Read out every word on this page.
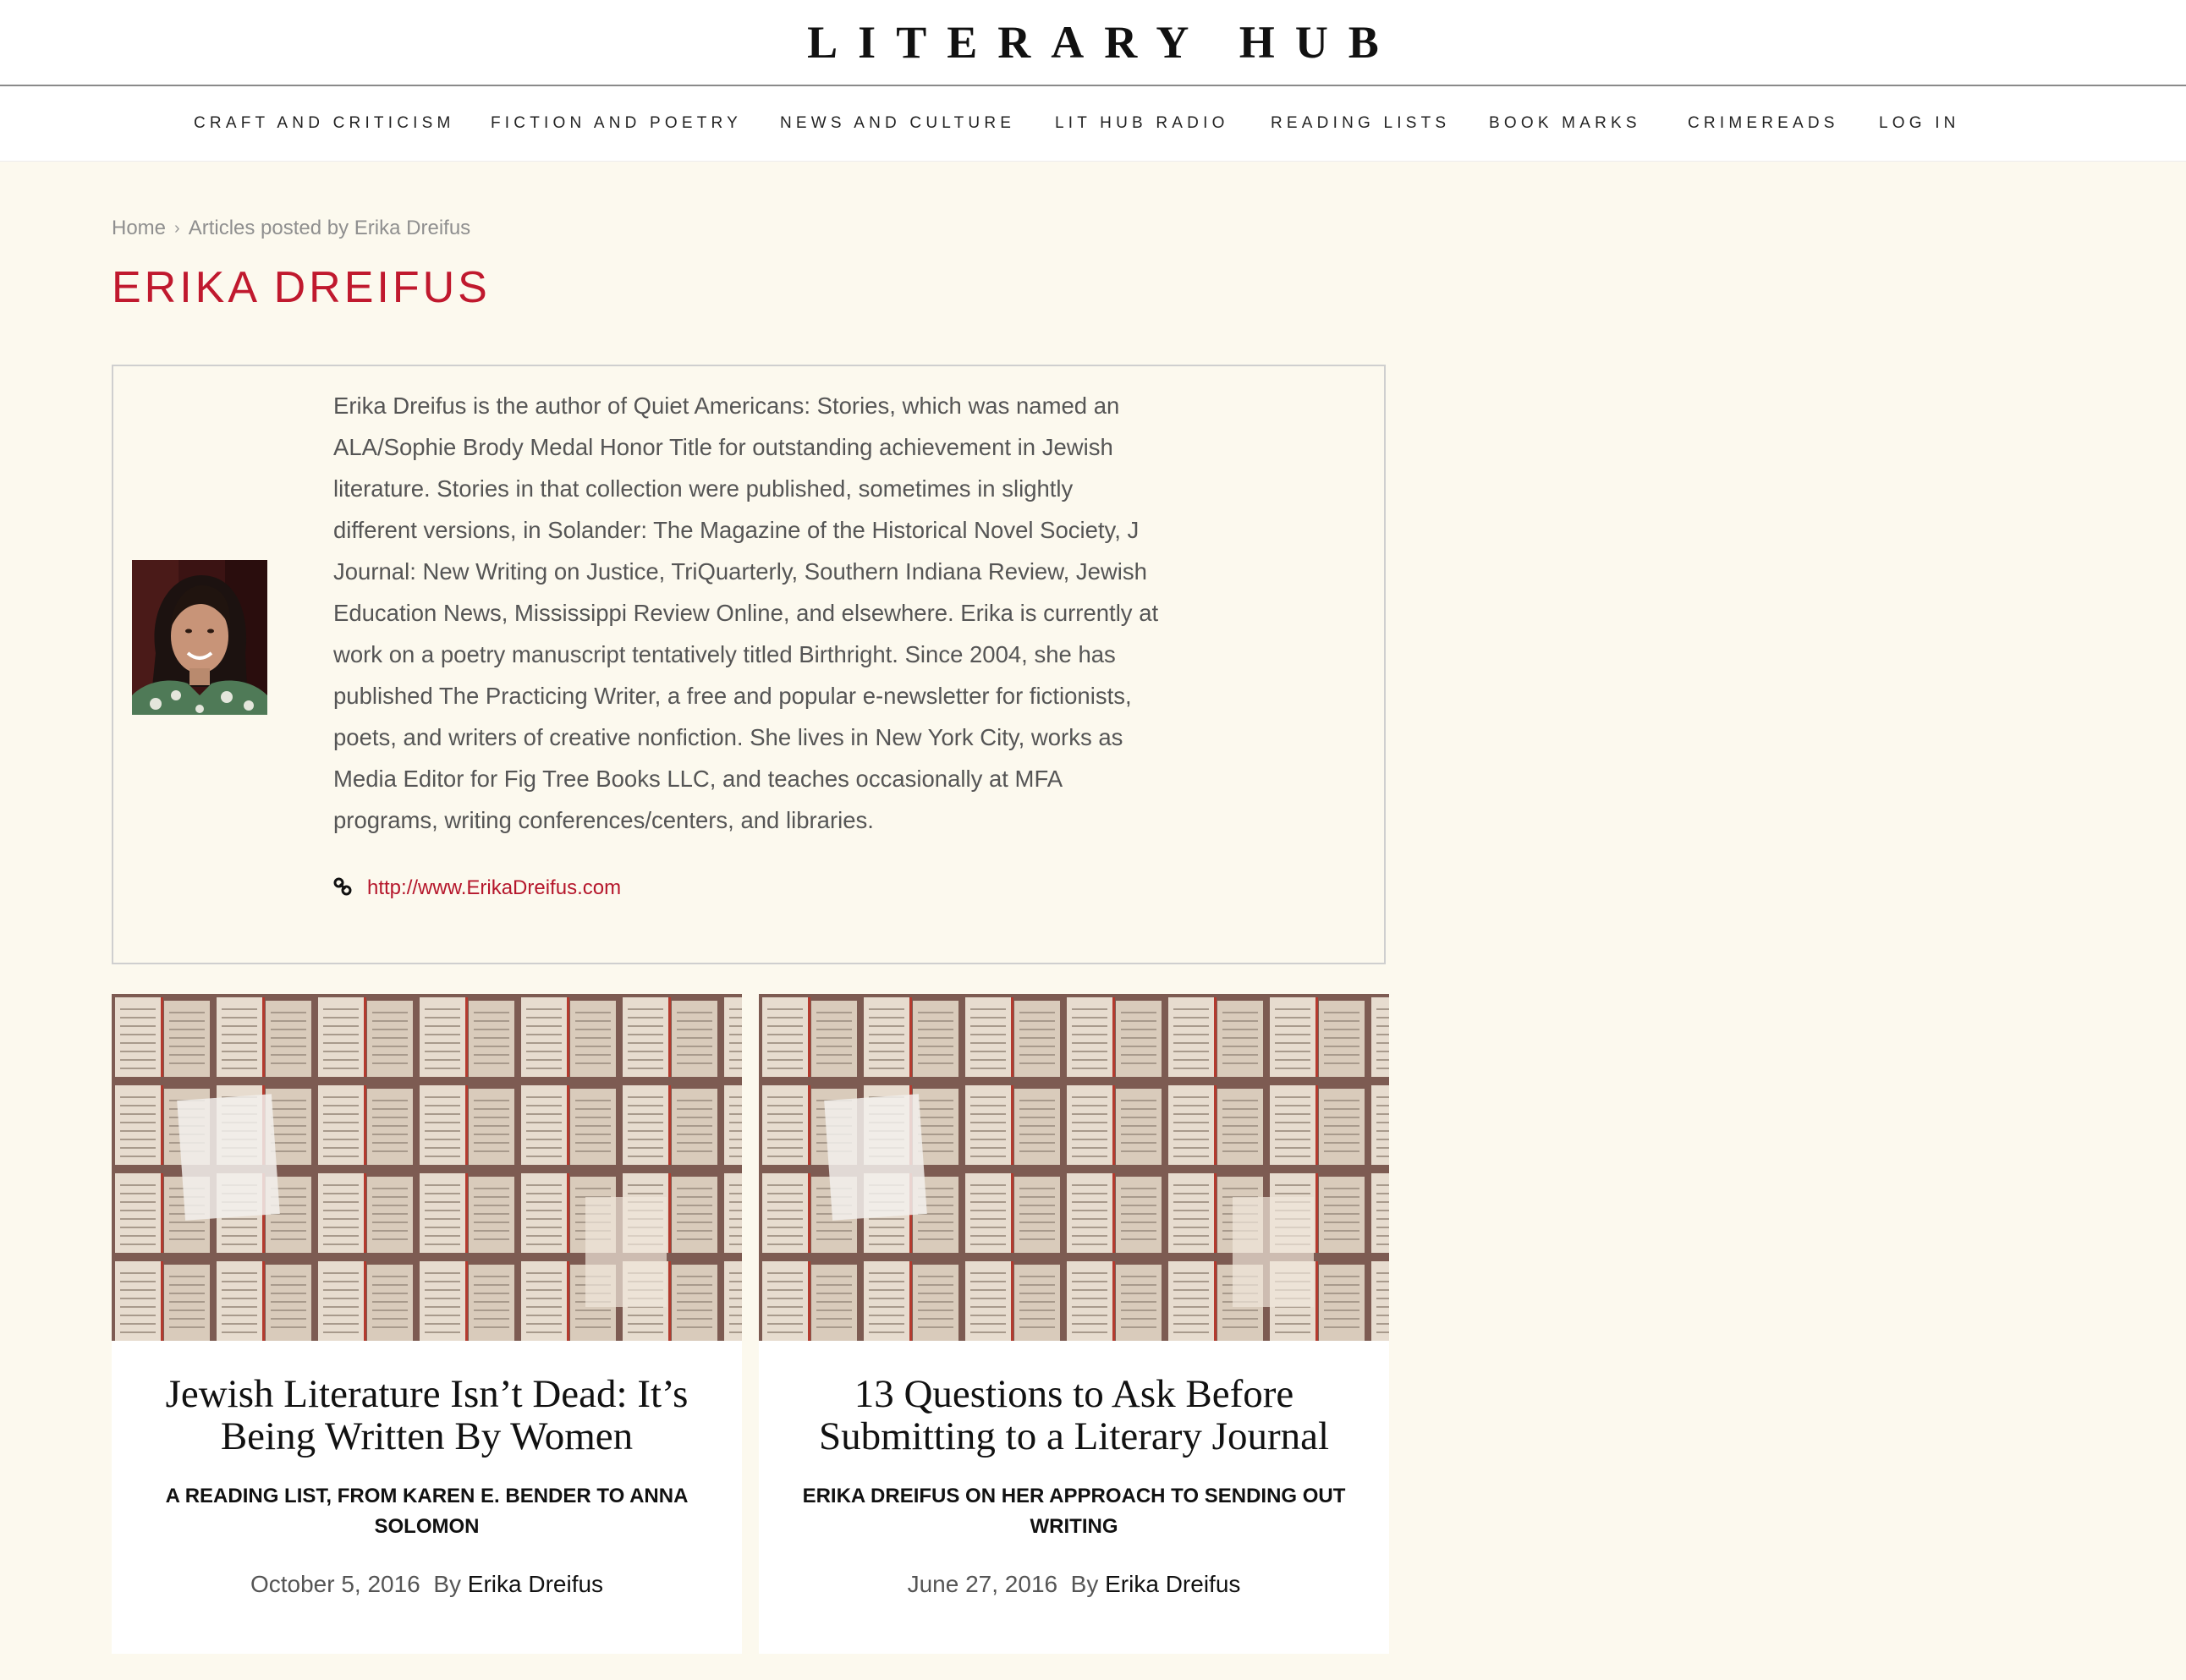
LITERARY HUB
CRAFT AND CRITICISM FICTION AND POETRY NEWS AND CULTURE LIT HUB RADIO	READING LISTS BOOK MARKS	CRIMEREADS LOG IN
Home › Articles posted by Erika Dreifus
ERIKA DREIFUS

Erika Dreifus is the author of Quiet Americans: Stories, which was named an ALA/Sophie Brody Medal Honor Title for outstanding achievement in Jewish literature. Stories in that collection were published, sometimes in slightly different versions, in Solander: The Magazine of the Historical Novel Society, J Journal: New Writing on Justice, TriQuarterly, Southern Indiana Review, Jewish Education News, Mississippi Review Online, and elsewhere. Erika is currently at work on a poetry manuscript tentatively titled Birthright. Since 2004, she has published The Practicing Writer, a free and popular e-newsletter for fictionists, poets, and writers of creative nonfiction. She lives in New York City, works as Media Editor for Fig Tree Books LLC, and teaches occasionally at MFA programs, writing conferences/centers, and libraries.

http://www.ErikaDreifus.com
Jewish Literature Isn’t Dead: It’s Being Written By Women

A READING LIST, FROM KAREN E. BENDER TO ANNA SOLOMON

October 5, 2016 By Erika Dreifus
13 Questions to Ask Before Submitting to a Literary Journal

ERIKA DREIFUS ON HER APPROACH TO SENDING OUT WRITING

June 27, 2016 By Erika Dreifus
